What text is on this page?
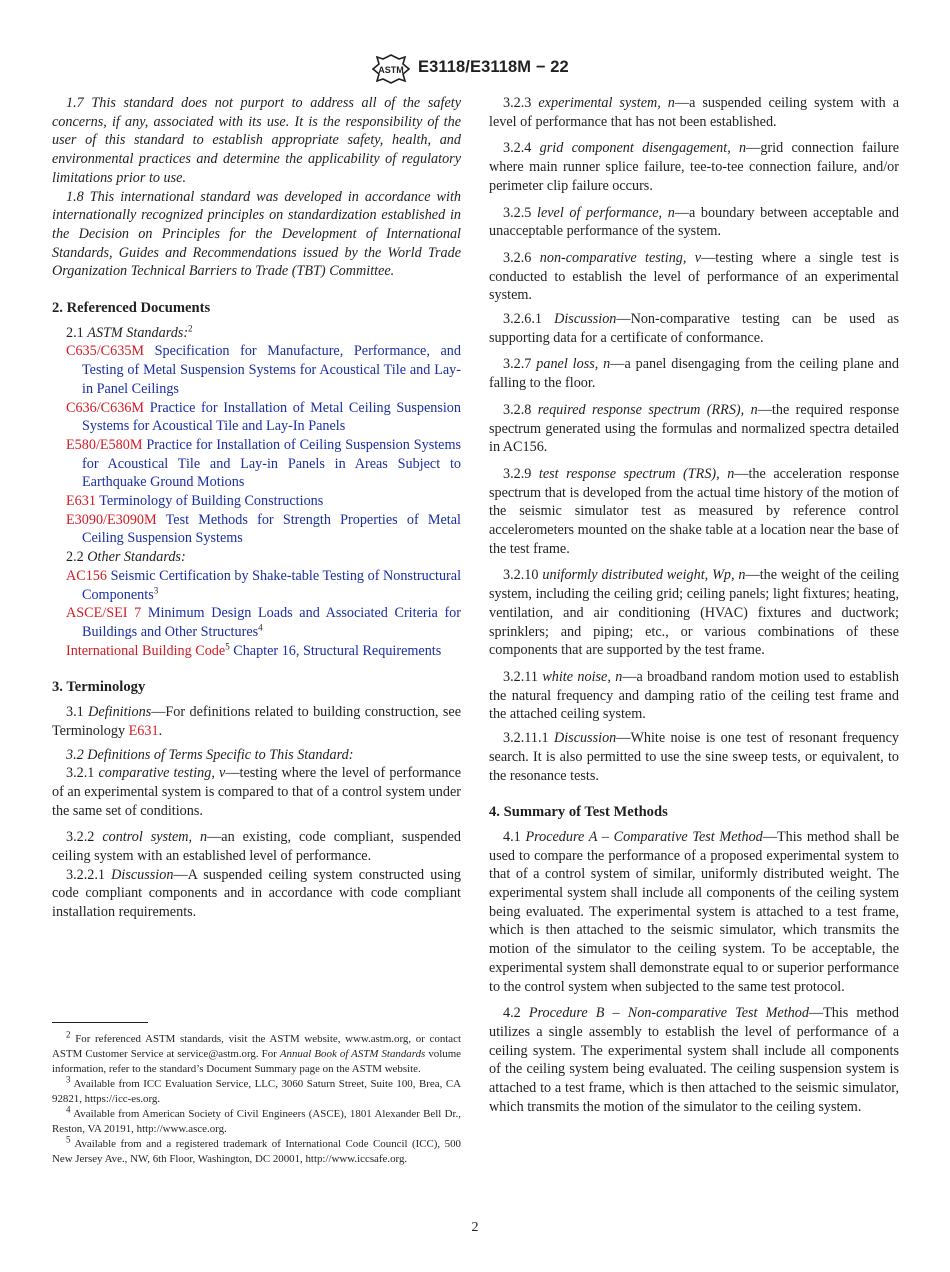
ASTM E3118/E3118M − 22

1.7 This standard does not purport to address all of the safety concerns, if any, associated with its use. It is the responsibility of the user of this standard to establish appropriate safety, health, and environmental practices and determine the applicability of regulatory limitations prior to use.

1.8 This international standard was developed in accordance with internationally recognized principles on standardization established in the Decision on Principles for the Development of International Standards, Guides and Recommendations issued by the World Trade Organization Technical Barriers to Trade (TBT) Committee.

2. Referenced Documents

2.1 ASTM Standards:$^2$

C635/C635M Specification for Manufacture, Performance, and Testing of Metal Suspension Systems for Acoustical Tile and Lay-in Panel Ceilings

C636/C636M Practice for Installation of Metal Ceiling Suspension Systems for Acoustical Tile and Lay-In Panels

E580/E580M Practice for Installation of Ceiling Suspension Systems for Acoustical Tile and Lay-in Panels in Areas Subject to Earthquake Ground Motions

E631 Terminology of Building Constructions

E3090/E3090M Test Methods for Strength Properties of Metal Ceiling Suspension Systems

2.2 Other Standards:

AC156 Seismic Certification by Shake-table Testing of Nonstructural Components$^3$

ASCE/SEI 7 Minimum Design Loads and Associated Criteria for Buildings and Other Structures$^4$

International Building Code$^5$ Chapter 16, Structural Requirements

3. Terminology

3.1 Definitions—For definitions related to building construction, see Terminology E631.

3.2 Definitions of Terms Specific to This Standard:

3.2.1 comparative testing, v—testing where the level of performance of an experimental system is compared to that of a control system under the same set of conditions.

3.2.2 control system, n—an existing, code compliant, suspended ceiling system with an established level of performance.

3.2.2.1 Discussion—A suspended ceiling system constructed using code compliant components and in accordance with code compliant installation requirements.

$^2$ For referenced ASTM standards, visit the ASTM website, www.astm.org, or contact ASTM Customer Service at service@astm.org. For Annual Book of ASTM Standards volume information, refer to the standard’s Document Summary page on the ASTM website.

$^3$ Available from ICC Evaluation Service, LLC, 3060 Saturn Street, Suite 100, Brea, CA 92821, https://icc-es.org.

$^4$ Available from American Society of Civil Engineers (ASCE), 1801 Alexander Bell Dr., Reston, VA 20191, http://www.asce.org.

$^5$ Available from and a registered trademark of International Code Council (ICC), 500 New Jersey Ave., NW, 6th Floor, Washington, DC 20001, http://www.iccsafe.org.

3.2.3 experimental system, n—a suspended ceiling system with a level of performance that has not been established.

3.2.4 grid component disengagement, n—grid connection failure where main runner splice failure, tee-to-tee connection failure, and/or perimeter clip failure occurs.

3.2.5 level of performance, n—a boundary between acceptable and unacceptable performance of the system.

3.2.6 non-comparative testing, v—testing where a single test is conducted to establish the level of performance of an experimental system.

3.2.6.1 Discussion—Non-comparative testing can be used as supporting data for a certificate of conformance.

3.2.7 panel loss, n—a panel disengaging from the ceiling plane and falling to the floor.

3.2.8 required response spectrum (RRS), n—the required response spectrum generated using the formulas and normalized spectra detailed in AC156.

3.2.9 test response spectrum (TRS), n—the acceleration response spectrum that is developed from the actual time history of the motion of the seismic simulator test as measured by reference control accelerometers mounted on the shake table at a location near the base of the test frame.

3.2.10 uniformly distributed weight, Wp, n—the weight of the ceiling system, including the ceiling grid; ceiling panels; light fixtures; heating, ventilation, and air conditioning (HVAC) fixtures and ductwork; sprinklers; and piping; etc., or various combinations of these components that are supported by the test frame.

3.2.11 white noise, n—a broadband random motion used to establish the natural frequency and damping ratio of the ceiling test frame and the attached ceiling system.

3.2.11.1 Discussion—White noise is one test of resonant frequency search. It is also permitted to use the sine sweep tests, or equivalent, to the resonance tests.

4. Summary of Test Methods

4.1 Procedure A – Comparative Test Method—This method shall be used to compare the performance of a proposed experimental system to that of a control system of similar, uniformly distributed weight. The experimental system shall include all components of the ceiling system being evaluated. The experimental system is attached to a test frame, which is then attached to the seismic simulator, which transmits the motion of the simulator to the ceiling system. To be acceptable, the experimental system shall demonstrate equal to or superior performance to the control system when subjected to the same test protocol.

4.2 Procedure B – Non-comparative Test Method—This method utilizes a single assembly to establish the level of performance of a ceiling system. The experimental system shall include all components of the ceiling system being evaluated. The ceiling suspension system is attached to a test frame, which is then attached to the seismic simulator, which transmits the motion of the simulator to the ceiling system.

2
